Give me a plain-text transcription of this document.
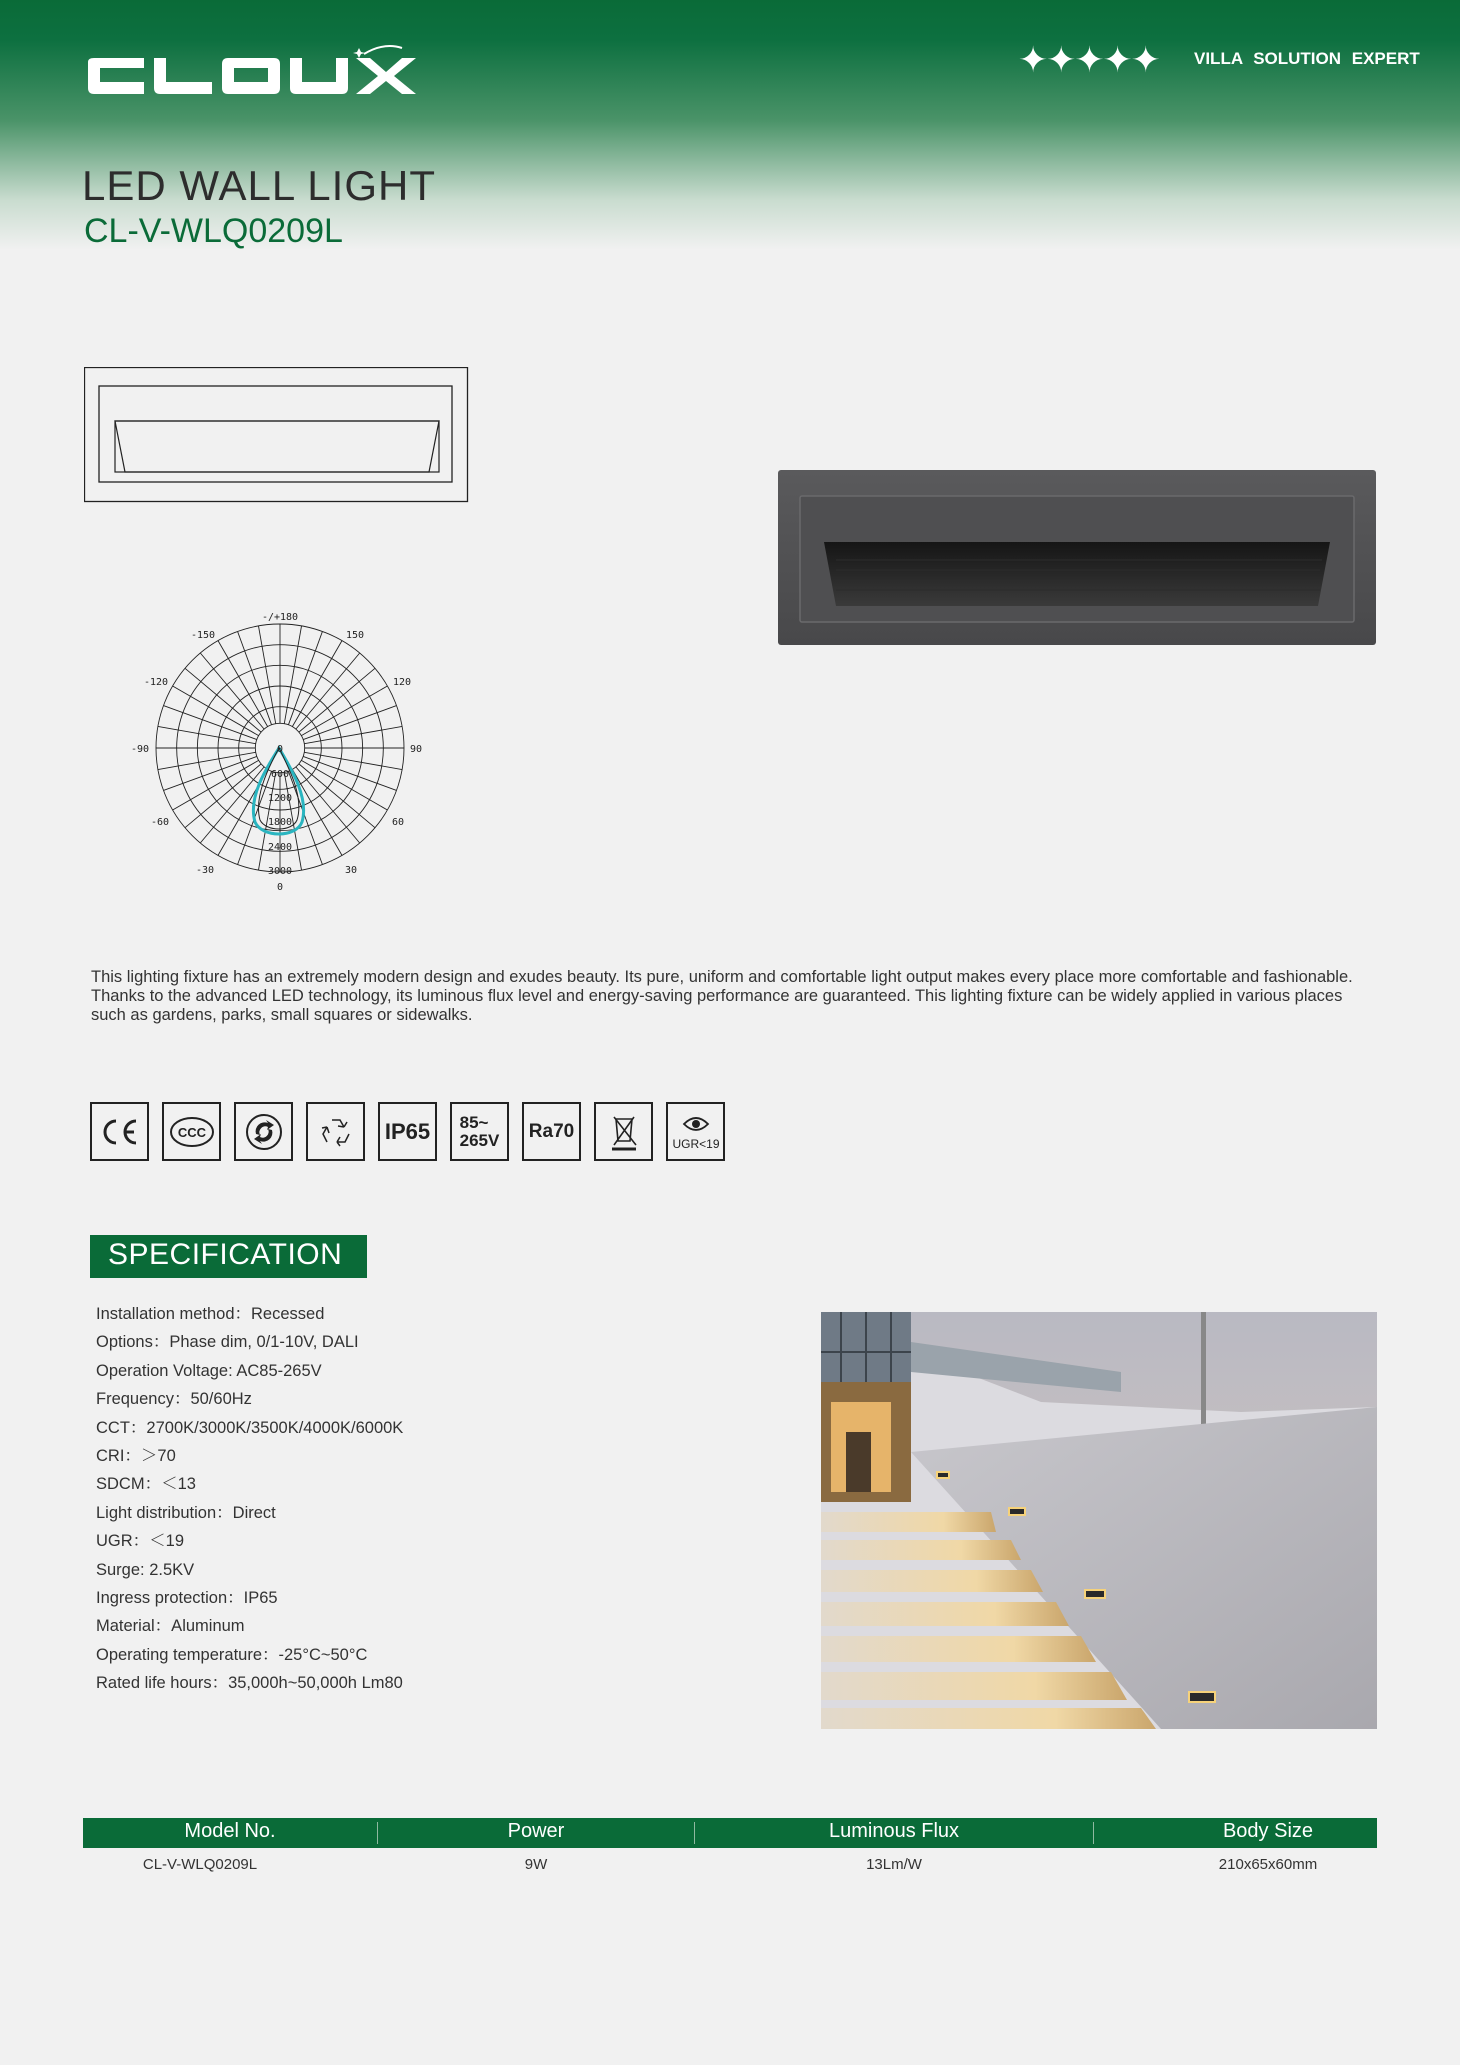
✦✦✦✦✦ VILLA SOLUTION EXPERT
LED WALL LIGHT
CL-V-WLQ0209L
-/+180
-150	150
-120	120
-90	90
-60	60
-30	30
0
0
600
1200
1800
2400
3000
This lighting fixture has an extremely modern design and exudes beauty. Its pure, uniform and comfortable light output makes every place more comfortable and fashionable. Thanks to the advanced LED technology, its luminous flux level and energy-saving performance are guaranteed. This lighting fixture can be widely applied in various places such as gardens, parks, small squares or sidewalks.
CCC	IP65 85~
265V Ra70
UGR<19
SPECIFICATION
Installation method：Recessed
Options：Phase dim, 0/1-10V, DALI
Operation Voltage: AC85-265V
Frequency：50/60Hz
CCT：2700K/3000K/3500K/4000K/6000K
CRI：＞70
SDCM：＜13
Light distribution：Direct
UGR：＜19
Surge: 2.5KV
Ingress protection：IP65
Material：Aluminum
Operating temperature：-25°C~50°C
Rated life hours：35,000h~50,000h Lm80
Model No.	Power	Luminous Flux	Body Size
CL-V-WLQ0209L	9W	13Lm/W	210x65x60mm
